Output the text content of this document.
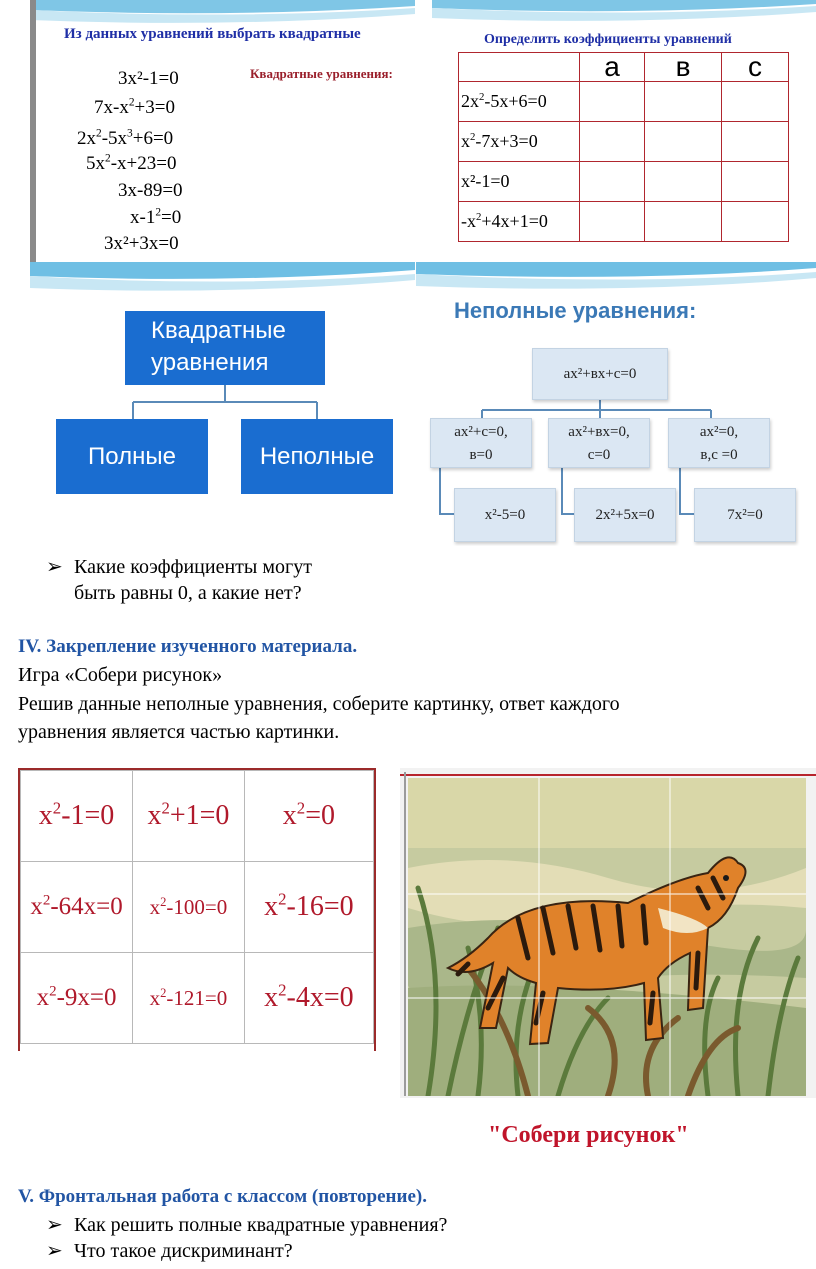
Из данных уравнений выбрать квадратные
Квадратные уравнения:
3x²-1=0
$7x-x^2+3=0$
$2x^2-5x^3+6=0$
$5x^2-x+23=0$
3x-89=0
$x-1^2=0$
3x²+3x=0
Определить коэффициенты уравнений
	а	в	с
$2x^2-5x+6=0$			
$x^2-7x+3=0$			
x²-1=0			
$-x^2+4x+1=0$			
Квадратные уравнения
Полные	Неполные
Неполные уравнения:
ax²+вx+c=0
ax²+c=0,
в=0
ax²+вx=0,
c=0
ax²=0,
в,c =0
x²-5=0	2x²+5x=0	7x²=0
➢ Какие коэффициенты могут
быть равны 0, а какие нет?
IV. Закрепление изученного материала.
Игра «Собери рисунок»
Решив данные неполные уравнения, соберите картинку, ответ каждого
уравнения является частью картинки.
$x^2-1=0$	$x^2+1=0$	$x^2=0$
$x^2-64x=0$	$x^2-100=0$	$x^2-16=0$
$x^2-9x=0$	$x^2-121=0$	$x^2-4x=0$
"Собери рисунок"
V. Фронтальная работа с классом (повторение).
➢ Как решить полные квадратные уравнения?
➢ Что такое дискриминант?
